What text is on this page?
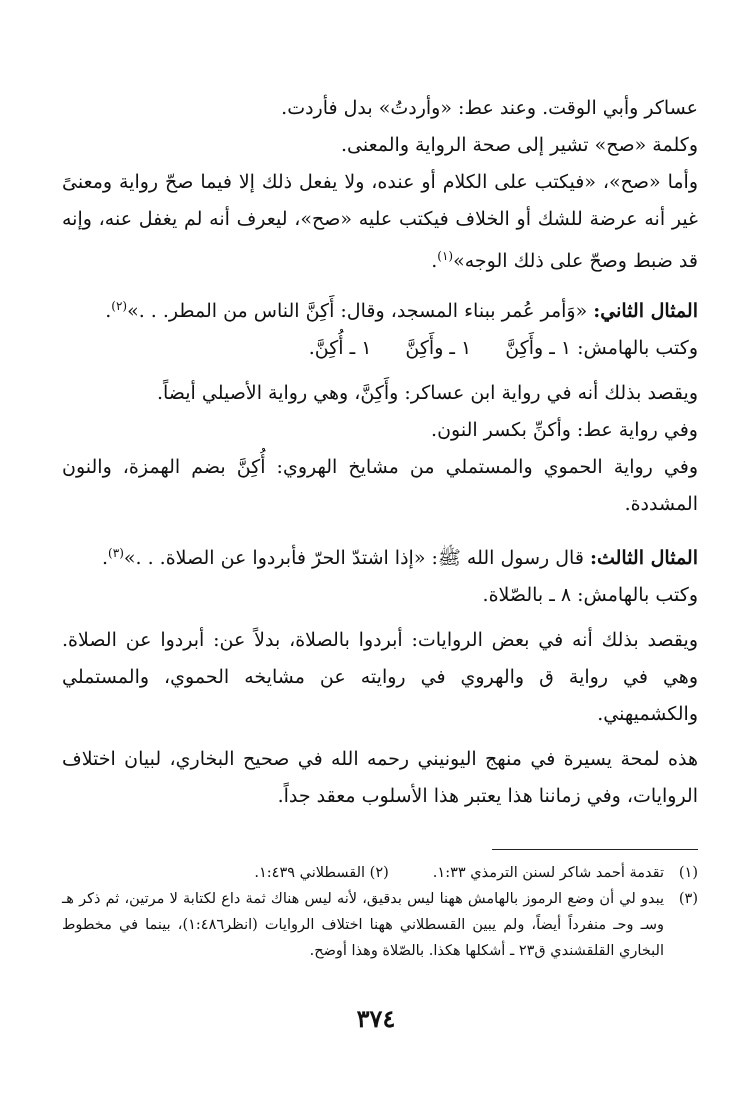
عساكر وأبي الوقت. وعند عط: «وأردتُ» بدل فأردت.

وكلمة «صح» تشير إلى صحة الرواية والمعنى.

وأما «صح»، «فيكتب على الكلام أو عنده، ولا يفعل ذلك إلا فيما صحّ رواية ومعنىً غير أنه عرضة للشك أو الخلاف فيكتب عليه «صح»، ليعرف أنه لم يغفل عنه، وإنه قد ضبط وصحّ على ذلك الوجه»$^{(١)}$.

المثال الثاني: «وَأمر عُمر ببناء المسجد، وقال: أَكِنَّ الناس من المطر. . .»$^{(٢)}$.

وكتب بالهامش: ١ ـ وأَكِنَّ١ ـ وأَكِنَّ١ ـ أُكِنَّ.

ويقصد بذلك أنه في رواية ابن عساكر: وأَكِنَّ، وهي رواية الأصيلي أيضاً.

وفي رواية عط: وأكنِّ بكسر النون.

وفي رواية الحموي والمستملي من مشايخ الهروي: أُكِنَّ بضم الهمزة، والنون المشددة.

المثال الثالث: قال رسول الله ﷺ: «إذا اشتدّ الحرّ فأبردوا عن الصلاة. . .»$^{(٣)}$.

وكتب بالهامش: ٨ ـ بالصّلاة.

ويقصد بذلك أنه في بعض الروايات: أبردوا بالصلاة، بدلاً عن: أبردوا عن الصلاة. وهي في رواية ق والهروي في روايته عن مشايخه الحموي، والمستملي والكشميهني.

هذه لمحة يسيرة في منهج اليونيني رحمه الله في صحيح البخاري، لبيان اختلاف الروايات، وفي زماننا هذا يعتبر هذا الأسلوب معقد جداً.

(١)
تقدمة أحمد شاكر لسنن الترمذي ١:٣٣.(٢) القسطلاني ١:٤٣٩.
(٣)
يبدو لي أن وضع الرموز بالهامش ههنا ليس بدقيق، لأنه ليس هناك ثمة داع لكتابة لا مرتين، ثم ذكر هـ وسـ وحـ منفرداً أيضاً، ولم يبين القسطلاني ههنا اختلاف الروايات (انظر١:٤٨٦)، بينما في مخطوط البخاري القلقشندي ق٢٣ ـ أشكلها هكذا. بالصّلاة وهذا أوضح.
٣٧٤
